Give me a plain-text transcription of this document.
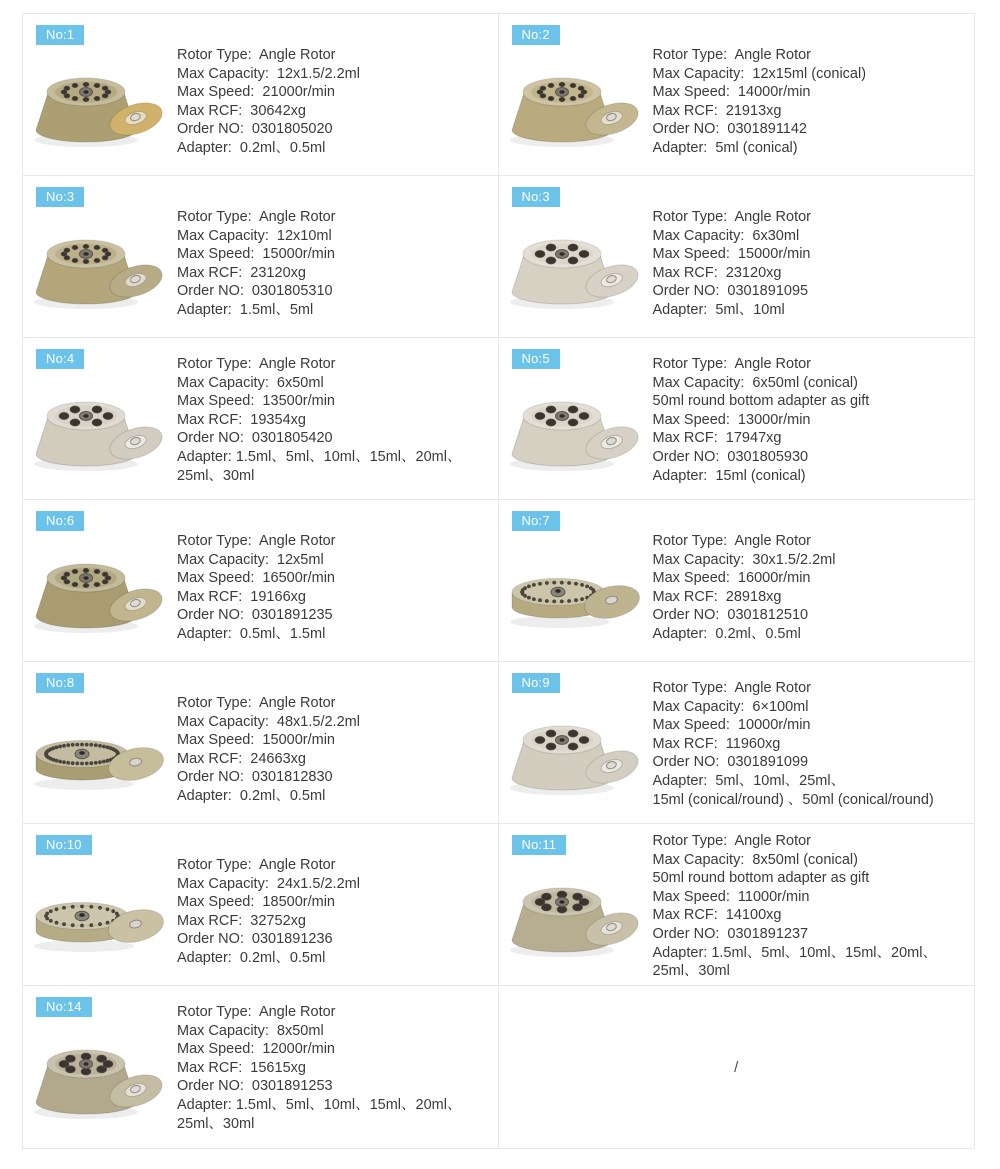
No:1
Rotor Type:  Angle Rotor
Max Capacity:  12x1.5/2.2ml
Max Speed:  21000r/min
Max RCF:  30642xg
Order NO:  0301805020
Adapter:  0.2ml、0.5ml
No:2
Rotor Type:  Angle Rotor
Max Capacity:  12x15ml (conical)
Max Speed:  14000r/min
Max RCF:  21913xg
Order NO:  0301891142
Adapter:  5ml (conical)
No:3
Rotor Type:  Angle Rotor
Max Capacity:  12x10ml
Max Speed:  15000r/min
Max RCF:  23120xg
Order NO:  0301805310
Adapter:  1.5ml、5ml
No:3
Rotor Type:  Angle Rotor
Max Capacity:  6x30ml
Max Speed:  15000r/min
Max RCF:  23120xg
Order NO:  0301891095
Adapter:  5ml、10ml
No:4	Rotor Type:  Angle Rotor
Max Capacity:  6x50ml
Max Speed:  13500r/min
Max RCF:  19354xg
Order NO:  0301805420
Adapter: 1.5ml、5ml、10ml、15ml、20ml、
25ml、30ml
No:5	Rotor Type:  Angle Rotor
Max Capacity:  6x50ml (conical)
50ml round bottom adapter as gift
Max Speed:  13000r/min
Max RCF:  17947xg
Order NO:  0301805930
Adapter:  15ml (conical)
No:6
Rotor Type:  Angle Rotor
Max Capacity:  12x5ml
Max Speed:  16500r/min
Max RCF:  19166xg
Order NO:  0301891235
Adapter:  0.5ml、1.5ml
No:7
Rotor Type:  Angle Rotor
Max Capacity:  30x1.5/2.2ml
Max Speed:  16000r/min
Max RCF:  28918xg
Order NO:  0301812510
Adapter:  0.2ml、0.5ml
No:8
Rotor Type:  Angle Rotor
Max Capacity:  48x1.5/2.2ml
Max Speed:  15000r/min
Max RCF:  24663xg
Order NO:  0301812830
Adapter:  0.2ml、0.5ml
No:9	Rotor Type:  Angle Rotor
Max Capacity:  6×100ml
Max Speed:  10000r/min
Max RCF:  11960xg
Order NO:  0301891099
Adapter:  5ml、10ml、25ml、
15ml (conical/round) 、50ml (conical/round)
No:10
Rotor Type:  Angle Rotor
Max Capacity:  24x1.5/2.2ml
Max Speed:  18500r/min
Max RCF:  32752xg
Order NO:  0301891236
Adapter:  0.2ml、0.5ml
No:11	Rotor Type:  Angle Rotor
Max Capacity:  8x50ml (conical)
50ml round bottom adapter as gift
Max Speed:  11000r/min
Max RCF:  14100xg
Order NO:  0301891237
Adapter: 1.5ml、5ml、10ml、15ml、20ml、
25ml、30ml
No:14	Rotor Type:  Angle Rotor
Max Capacity:  8x50ml
Max Speed:  12000r/min
Max RCF:  15615xg
Order NO:  0301891253
Adapter: 1.5ml、5ml、10ml、15ml、20ml、
25ml、30ml
/
